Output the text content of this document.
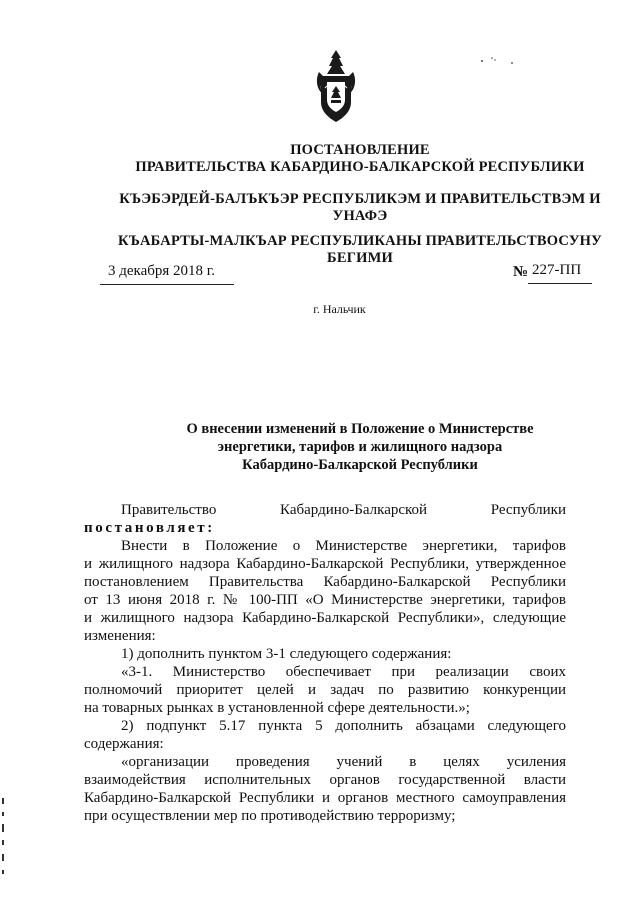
ПОСТАНОВЛЕНИЕ
ПРАВИТЕЛЬСТВА КАБАРДИНО-БАЛКАРСКОЙ РЕСПУБЛИКИ
КЪЭБЭРДЕЙ-БАЛЪКЪЭР РЕСПУБЛИКЭМ И ПРАВИТЕЛЬСТВЭМ И
УНАФЭ
КЪАБАРТЫ-МАЛКЪАР РЕСПУБЛИКАНЫ ПРАВИТЕЛЬСТВОСУНУ
БЕГИМИ
3 декабря 2018 г.	№ 227-ПП
г. Нальчик
О внесении изменений в Положение о Министерстве
энергетики, тарифов и жилищного надзора
Кабардино-Балкарской Республики
Правительство Кабардино-Балкарской Республики
постановляет:
Внести в Положение о Министерстве энергетики, тарифов
и жилищного надзора Кабардино-Балкарской Республики, утвержденное
постановлением Правительства Кабардино-Балкарской Республики
от 13 июня 2018 г. № 100-ПП «О Министерстве энергетики, тарифов
и жилищного надзора Кабардино-Балкарской Республики», следующие
изменения:
1) дополнить пунктом 3-1 следующего содержания:
«3-1. Министерство обеспечивает при реализации своих
полномочий приоритет целей и задач по развитию конкуренции
на товарных рынках в установленной сфере деятельности.»;
2) подпункт 5.17 пункта 5 дополнить абзацами следующего
содержания:
«организации проведения учений в целях усиления
взаимодействия исполнительных органов государственной власти
Кабардино-Балкарской Республики и органов местного самоуправления
при осуществлении мер по противодействию терроризму;
